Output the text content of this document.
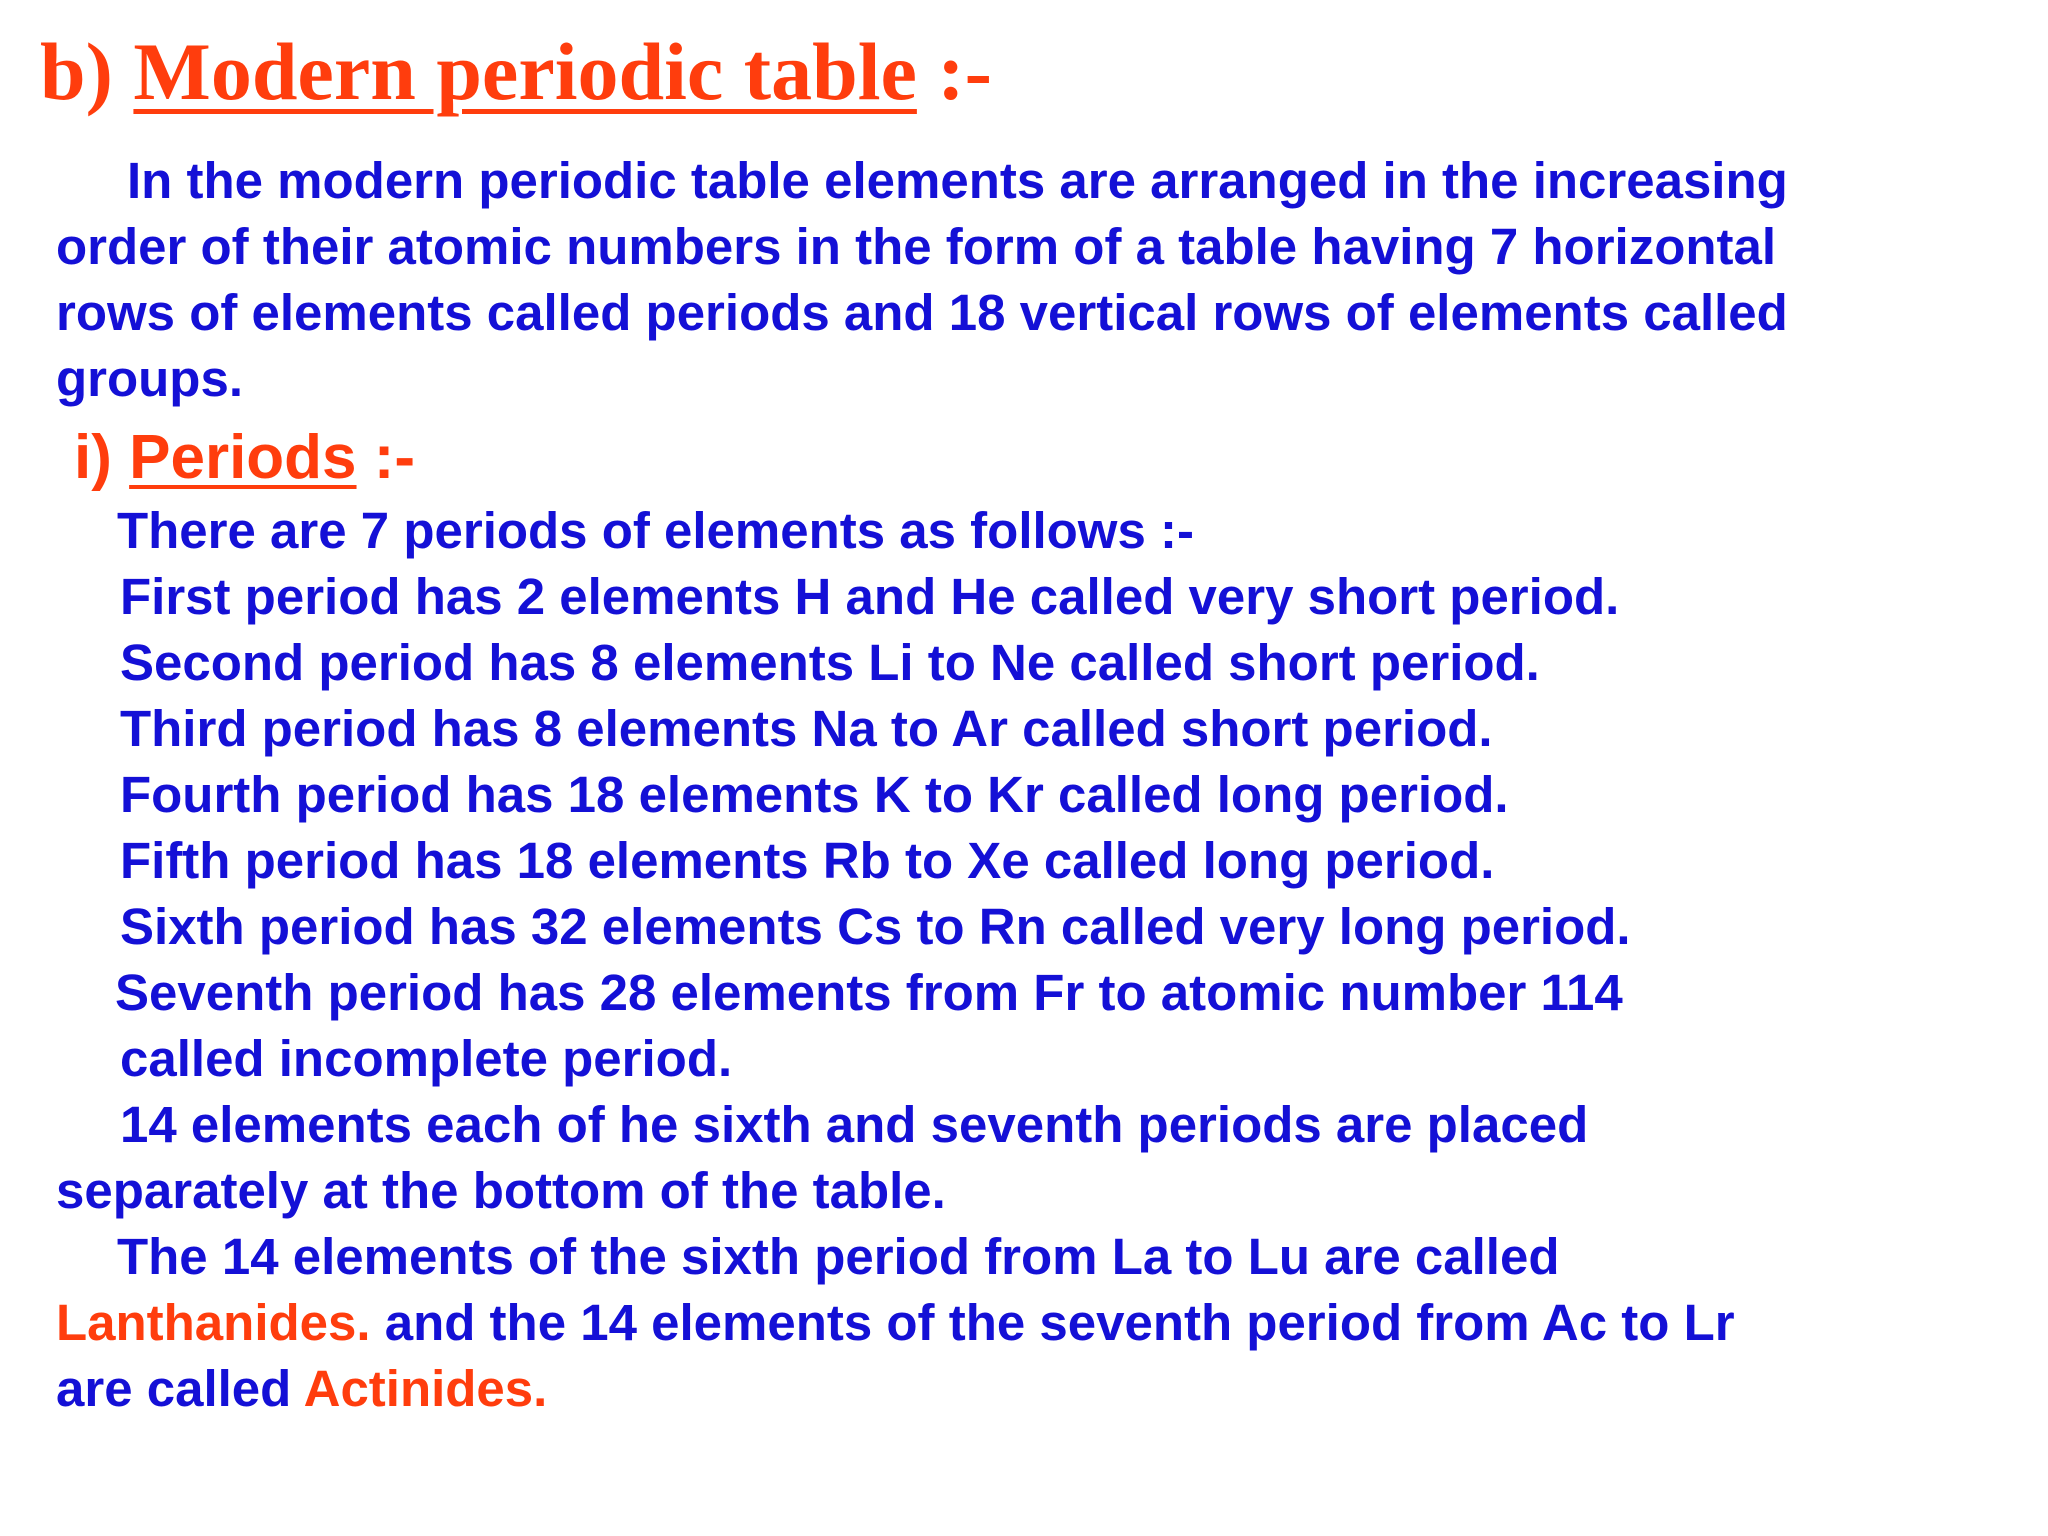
b) Modern periodic table :-

In the modern periodic table elements are arranged in the increasing

order of their atomic numbers in the form of a table having 7 horizontal

rows of elements called periods and 18 vertical rows of elements called

groups.

i) Periods :-

There are 7 periods of elements as follows :-

First period has 2 elements H and He called very short period.

Second period has 8 elements Li to Ne called short period.

Third period has 8 elements Na to Ar called short period.

Fourth period has 18 elements K to Kr called long period.

Fifth period has 18 elements Rb to Xe called long period.

Sixth period has 32 elements Cs to Rn called very long period.

Seventh period has 28 elements from Fr to atomic number 114

called incomplete period.

14 elements each of he sixth and seventh periods are placed

separately at the bottom of the table.

The 14 elements of the sixth period from La to Lu are called

Lanthanides. and the 14 elements of the seventh period from Ac to Lr

are called Actinides.
